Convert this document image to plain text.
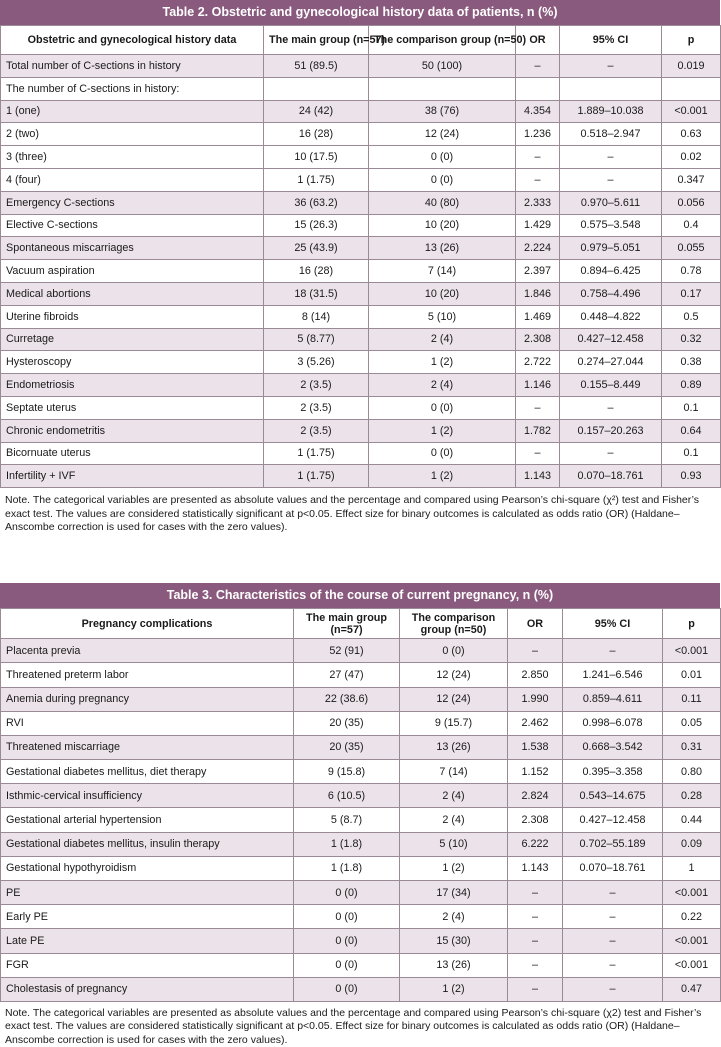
Table 2. Obstetric and gynecological history data of patients, n (%)
Obstetric and gynecological history data	The main group (n=57)	The comparison group (n=50)	OR	95% CI	p
Total number of C-sections in history	51 (89.5)	50 (100)	–	–	0.019
The number of C-sections in history:					
1 (one)	24 (42)	38 (76)	4.354	1.889–10.038	<0.001
2 (two)	16 (28)	12 (24)	1.236	0.518–2.947	0.63
3 (three)	10 (17.5)	0 (0)	–	–	0.02
4 (four)	1 (1.75)	0 (0)	–	–	0.347
Emergency C-sections	36 (63.2)	40 (80)	2.333	0.970–5.611	0.056
Elective C-sections	15 (26.3)	10 (20)	1.429	0.575–3.548	0.4
Spontaneous miscarriages	25 (43.9)	13 (26)	2.224	0.979–5.051	0.055
Vacuum aspiration	16 (28)	7 (14)	2.397	0.894–6.425	0.78
Medical abortions	18 (31.5)	10 (20)	1.846	0.758–4.496	0.17
Uterine fibroids	8 (14)	5 (10)	1.469	0.448–4.822	0.5
Curretage	5 (8.77)	2 (4)	2.308	0.427–12.458	0.32
Hysteroscopy	3 (5.26)	1 (2)	2.722	0.274–27.044	0.38
Endometriosis	2 (3.5)	2 (4)	1.146	0.155–8.449	0.89
Septate uterus	2 (3.5)	0 (0)	–	–	0.1
Chronic endometritis	2 (3.5)	1 (2)	1.782	0.157–20.263	0.64
Bicornuate uterus	1 (1.75)	0 (0)	–	–	0.1
Infertility + IVF	1 (1.75)	1 (2)	1.143	0.070–18.761	0.93
Note. The categorical variables are presented as absolute values and the percentage and compared using Pearson’s chi-square (χ²) test and Fisher’s exact test. The values are considered statistically significant at p<0.05. Effect size for binary outcomes is calculated as odds ratio (OR) (Haldane–Anscombe correction is used for cases with the zero values).
Table 3. Characteristics of the course of current pregnancy, n (%)
Pregnancy complications	The main group (n=57)	The comparison group (n=50)	OR	95% CI	p
Placenta previa	52 (91)	0 (0)	–	–	<0.001
Threatened preterm labor	27 (47)	12 (24)	2.850	1.241–6.546	0.01
Anemia during pregnancy	22 (38.6)	12 (24)	1.990	0.859–4.611	0.11
RVI	20 (35)	9 (15.7)	2.462	0.998–6.078	0.05
Threatened miscarriage	20 (35)	13 (26)	1.538	0.668–3.542	0.31
Gestational diabetes mellitus, diet therapy	9 (15.8)	7 (14)	1.152	0.395–3.358	0.80
Isthmic-cervical insufficiency	6 (10.5)	2 (4)	2.824	0.543–14.675	0.28
Gestational arterial hypertension	5 (8.7)	2 (4)	2.308	0.427–12.458	0.44
Gestational diabetes mellitus, insulin therapy	1 (1.8)	5 (10)	6.222	0.702–55.189	0.09
Gestational hypothyroidism	1 (1.8)	1 (2)	1.143	0.070–18.761	1
PE	0 (0)	17 (34)	–	–	<0.001
Early PE	0 (0)	2 (4)	–	–	0.22
Late PE	0 (0)	15 (30)	–	–	<0.001
FGR	0 (0)	13 (26)	–	–	<0.001
Cholestasis of pregnancy	0 (0)	1 (2)	–	–	0.47
Note. The categorical variables are presented as absolute values and the percentage and compared using Pearson’s chi-square (χ2) test and Fisher’s exact test. The values are considered statistically significant at p<0.05. Effect size for binary outcomes is calculated as odds ratio (OR) (Haldane–Anscombe correction is used for cases with the zero values).
